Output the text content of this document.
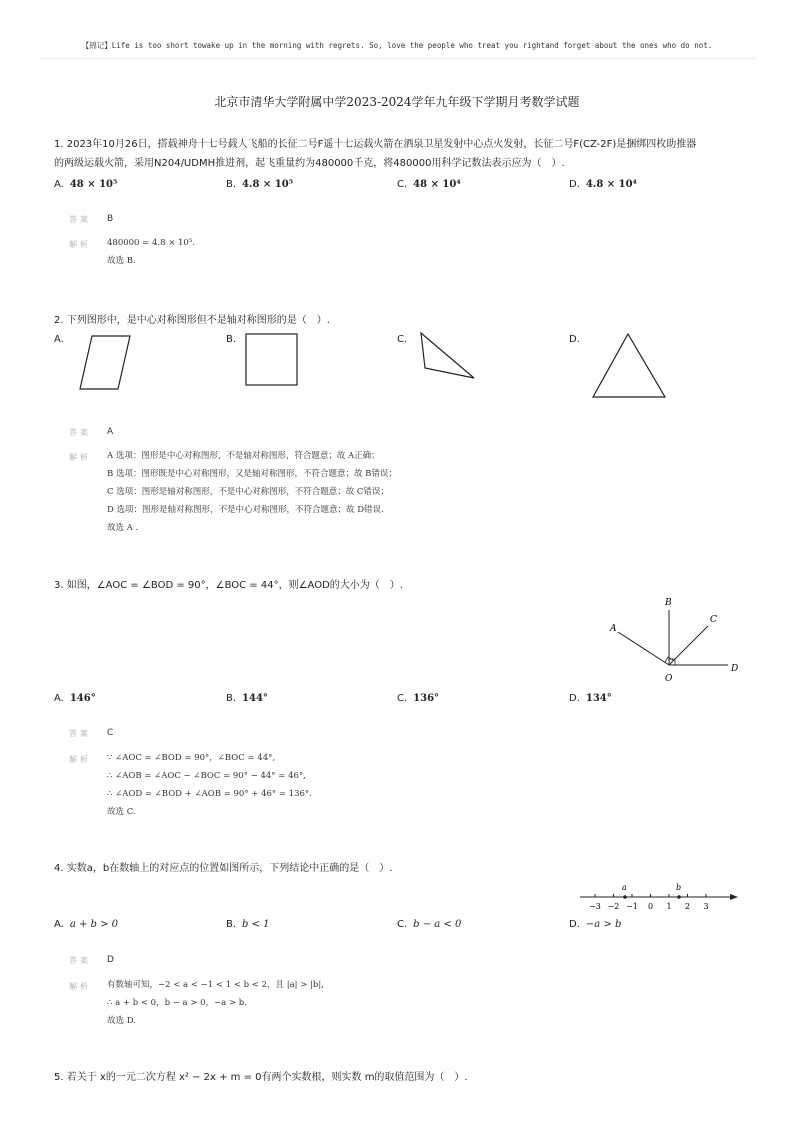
【锦记】Life is too short towake up in the morning with regrets. So, love the people who treat you rightand forget about the ones who do not.
北京市清华大学附属中学2023-2024学年九年级下学期月考数学试题
1. 2023年10月26日，搭载神舟十七号载人飞船的长征二号F遥十七运载火箭在酒泉卫星发射中心点火发射，长征二号F(CZ-2F)是捆绑四枚助推器
的两级运载火箭，采用N204/UDMH推进剂，起飞重量约为480000千克，将480000用科学记数法表示应为（　）.
A. 48 × 10⁵	B. 4.8 × 10⁵	C. 48 × 10⁴	D. 4.8 × 10⁴
答案 B
解析 480000 = 4.8 × 10⁵.
故选 B.
2. 下列图形中，是中心对称图形但不是轴对称图形的是（　）.
A.	B.	C.	D.
答案 A
解析 A 选项：图形是中心对称图形，不是轴对称图形，符合题意；故 A正确；
B 选项：图形既是中心对称图形，又是轴对称图形，不符合题意；故 B错误；
C 选项：图形是轴对称图形，不是中心对称图形，不符合题意；故 C错误；
D 选项：图形是轴对称图形，不是中心对称图形，不符合题意；故 D错误.
故选 A .
3. 如图，∠AOC = ∠BOD = 90°，∠BOC = 44°，则∠AOD的大小为（　）.
A
B
C
D
O
A. 146°	B. 144°	C. 136°	D. 134°
答案 C
解析 ∵ ∠AOC = ∠BOD = 90°，∠BOC = 44°,
∴ ∠AOB = ∠AOC − ∠BOC = 90° − 44° = 46°,
∴ ∠AOD = ∠BOD + ∠AOB = 90° + 46° = 136°.
故选 C.
4. 实数a，b在数轴上的对应点的位置如图所示，下列结论中正确的是（　）.
−3 −2 −1 0 1 2 3
a	b
A. a + b > 0	B. b < 1	C. b − a < 0	D. −a > b
答案 D
解析 有数轴可知，−2 < a < −1 < 1 < b < 2，且 |a| > |b|,
∴ a + b < 0，b − a > 0，−a > b.
故选 D.
5. 若关于 x的一元二次方程 x² − 2x + m = 0有两个实数根，则实数 m的取值范围为（　）.
